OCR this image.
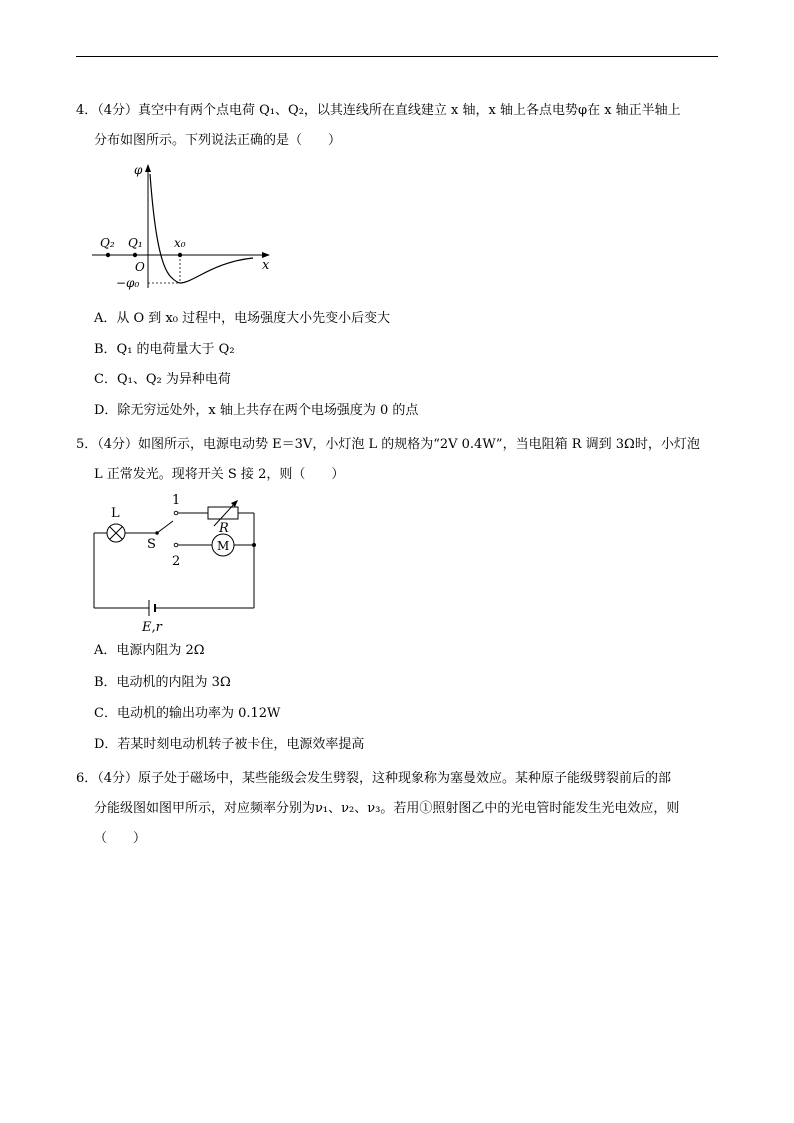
4．（4分）真空中有两个点电荷 Q₁、Q₂，以其连线所在直线建立 x 轴，x 轴上各点电势φ在 x 轴正半轴上
分布如图所示。下列说法正确的是（　　）
φ
Q₂ Q₁	x₀
O	x
−φ₀
A．从 O 到 x₀ 过程中，电场强度大小先变小后变大
B．Q₁ 的电荷量大于 Q₂
C．Q₁、Q₂ 为异种电荷
D．除无穷远处外，x 轴上共存在两个电场强度为 0 的点
5．（4分）如图所示，电源电动势 E＝3V，小灯泡 L 的规格为“2V 0.4W”，当电阻箱 R 调到 3Ω时，小灯泡
L 正常发光。现将开关 S 接 2，则（　　）
L
S
1
2
R
M
E,r
A．电源内阻为 2Ω
B．电动机的内阻为 3Ω
C．电动机的输出功率为 0.12W
D．若某时刻电动机转子被卡住，电源效率提高
6．（4分）原子处于磁场中，某些能级会发生劈裂，这种现象称为塞曼效应。某种原子能级劈裂前后的部
分能级图如图甲所示，对应频率分别为ν₁、ν₂、ν₃。若用①照射图乙中的光电管时能发生光电效应，则
（　　）
